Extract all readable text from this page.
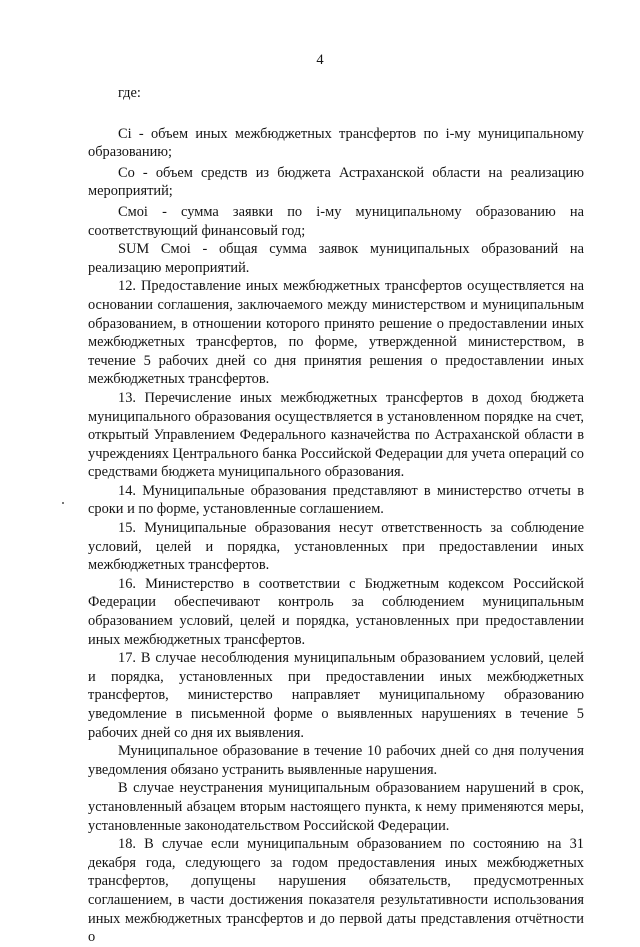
4

где:

Ci - объем иных межбюджетных трансфертов по i-му муниципальному образованию;

Co - объем средств из бюджета Астраханской области на реализацию мероприятий;

Cмoi - сумма заявки по i-му муниципальному образованию на соответствующий финансовый год;

SUM Cмoi - общая сумма заявок муниципальных образований на реализацию мероприятий.

12. Предоставление иных межбюджетных трансфертов осуществляется на основании соглашения, заключаемого между министерством и муниципальным образованием, в отношении которого принято решение о предоставлении иных межбюджетных трансфертов, по форме, утвержденной министерством, в течение 5 рабочих дней со дня принятия решения о предоставлении иных межбюджетных трансфертов.

13. Перечисление иных межбюджетных трансфертов в доход бюджета муниципального образования осуществляется в установленном порядке на счет, открытый Управлением Федерального казначейства по Астраханской области в учреждениях Центрального банка Российской Федерации для учета операций со средствами бюджета муниципального образования.

14. Муниципальные образования представляют в министерство отчеты в сроки и по форме, установленные соглашением.

15. Муниципальные образования несут ответственность за соблюдение условий, целей и порядка, установленных при предоставлении иных межбюджетных трансфертов.

16. Министерство в соответствии с Бюджетным кодексом Российской Федерации обеспечивают контроль за соблюдением муниципальным образованием условий, целей и порядка, установленных при предоставлении иных межбюджетных трансфертов.

17. В случае несоблюдения муниципальным образованием условий, целей и порядка, установленных при предоставлении иных межбюджетных трансфертов, министерство направляет муниципальному образованию уведомление в письменной форме о выявленных нарушениях в течение 5 рабочих дней со дня их выявления.

Муниципальное образование в течение 10 рабочих дней со дня получения уведомления обязано устранить выявленные нарушения.

В случае неустранения муниципальным образованием нарушений в срок, установленный абзацем вторым настоящего пункта, к нему применяются меры, установленные законодательством Российской Федерации.

18. В случае если муниципальным образованием по состоянию на 31 декабря года, следующего за годом предоставления иных межбюджетных трансфертов, допущены нарушения обязательств, предусмотренных соглашением, в части достижения показателя результативности использования иных межбюджетных трансфертов и до первой даты представления отчётности о
